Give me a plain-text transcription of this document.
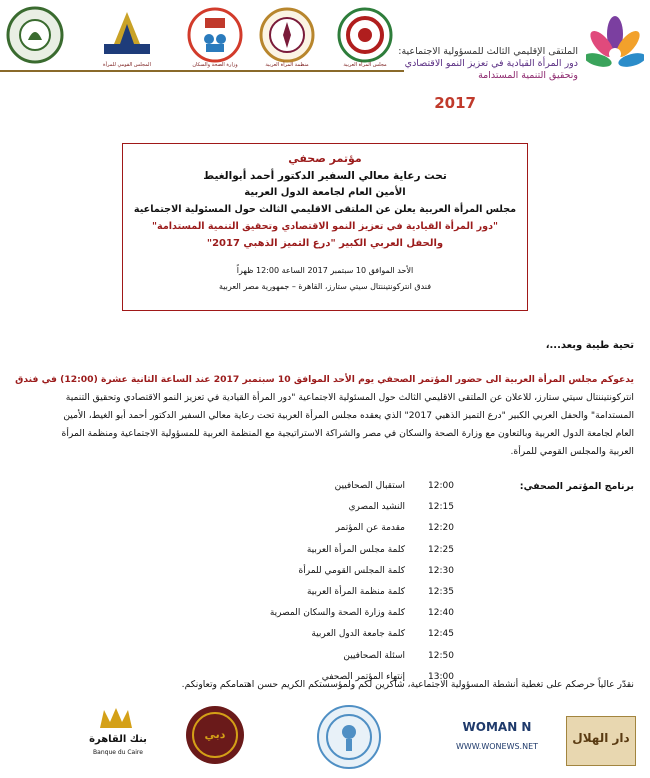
المجلس القومي للمرأة	وزارة الصحة والسكان	منظمة المرأة العربية	مجلس المرأة العربية
الملتقى الإقليمي الثالث للمسؤولية الاجتماعية:
دور المرأة القيادية في تعزيز النمو الاقتصادي
وتحقيق التنمية المستدامة
2017
مؤتمر صحفي
تحت رعاية معالي السفير الدكتور أحمد أبوالغيط
الأمين العام لجامعة الدول العربية
مجلس المرأة العربية يعلن عن الملتقى الاقليمي الثالث حول المسئولية الاجتماعية
"دور المرأة القيادية في تعزيز النمو الاقتصادي وتحقيق التنمية المستدامة"
والحفل العربي الكبير "درع التميز الذهبي 2017"
الأحد الموافق 10 سبتمبر 2017 الساعة 12:00 ظهراً
فندق انتركونتيننتال سيتي ستارز، القاهرة – جمهورية مصر العربية
تحية طيبة وبعد...،
يدعوكم مجلس المرأة العربية الى حضور المؤتمر الصحفي يوم الأحد الموافق 10 سبتمبر 2017 عند الساعة الثانية عشرة (12:00) في فندق
انتركونتيننتال سيتي ستارز، للاعلان عن الملتقى الاقليمي الثالث حول المسئولية الاجتماعية "دور المرأة القيادية في تعزيز النمو الاقتصادي وتحقيق التنمية
المستدامة" والحفل العربي الكبير "درع التميز الذهبي 2017" الذي يعقده مجلس المرأة العربية تحت رعاية معالي السفير الدكتور أحمد أبو الغيط، الأمين
العام لجامعة الدول العربية وبالتعاون مع وزارة الصحة والسكان في مصر والشراكة الاستراتيجية مع المنظمة العربية للمسؤولية الاجتماعية ومنظمة المرأة
العربية والمجلس القومي للمرأة.
برنامج المؤتمر الصحفي:
12:00
استقبال الصحافيين
12:15
النشيد المصري
12:20
مقدمة عن المؤتمر
12:25
كلمة مجلس المرأة العربية
12:30
كلمة المجلس القومي للمرأة
12:35
كلمة منظمة المرأة العربية
12:40
كلمة وزارة الصحة والسكان المصرية
12:45
كلمة جامعة الدول العربية
12:50
اسئلة الصحافيين
13:00
إنتهاء المؤتمر الصحفي
نقدّر عالياً حرصكم على تغطية أنشطة المسؤولية الاجتماعية، شاكرين لكم ولمؤسستكم الكريم حسن اهتمامكم وتعاونكم.
بنك القاهرة
Banque du Caire
دبي
WOMAN N
WWW.WONEWS.NET
دار الهلال
